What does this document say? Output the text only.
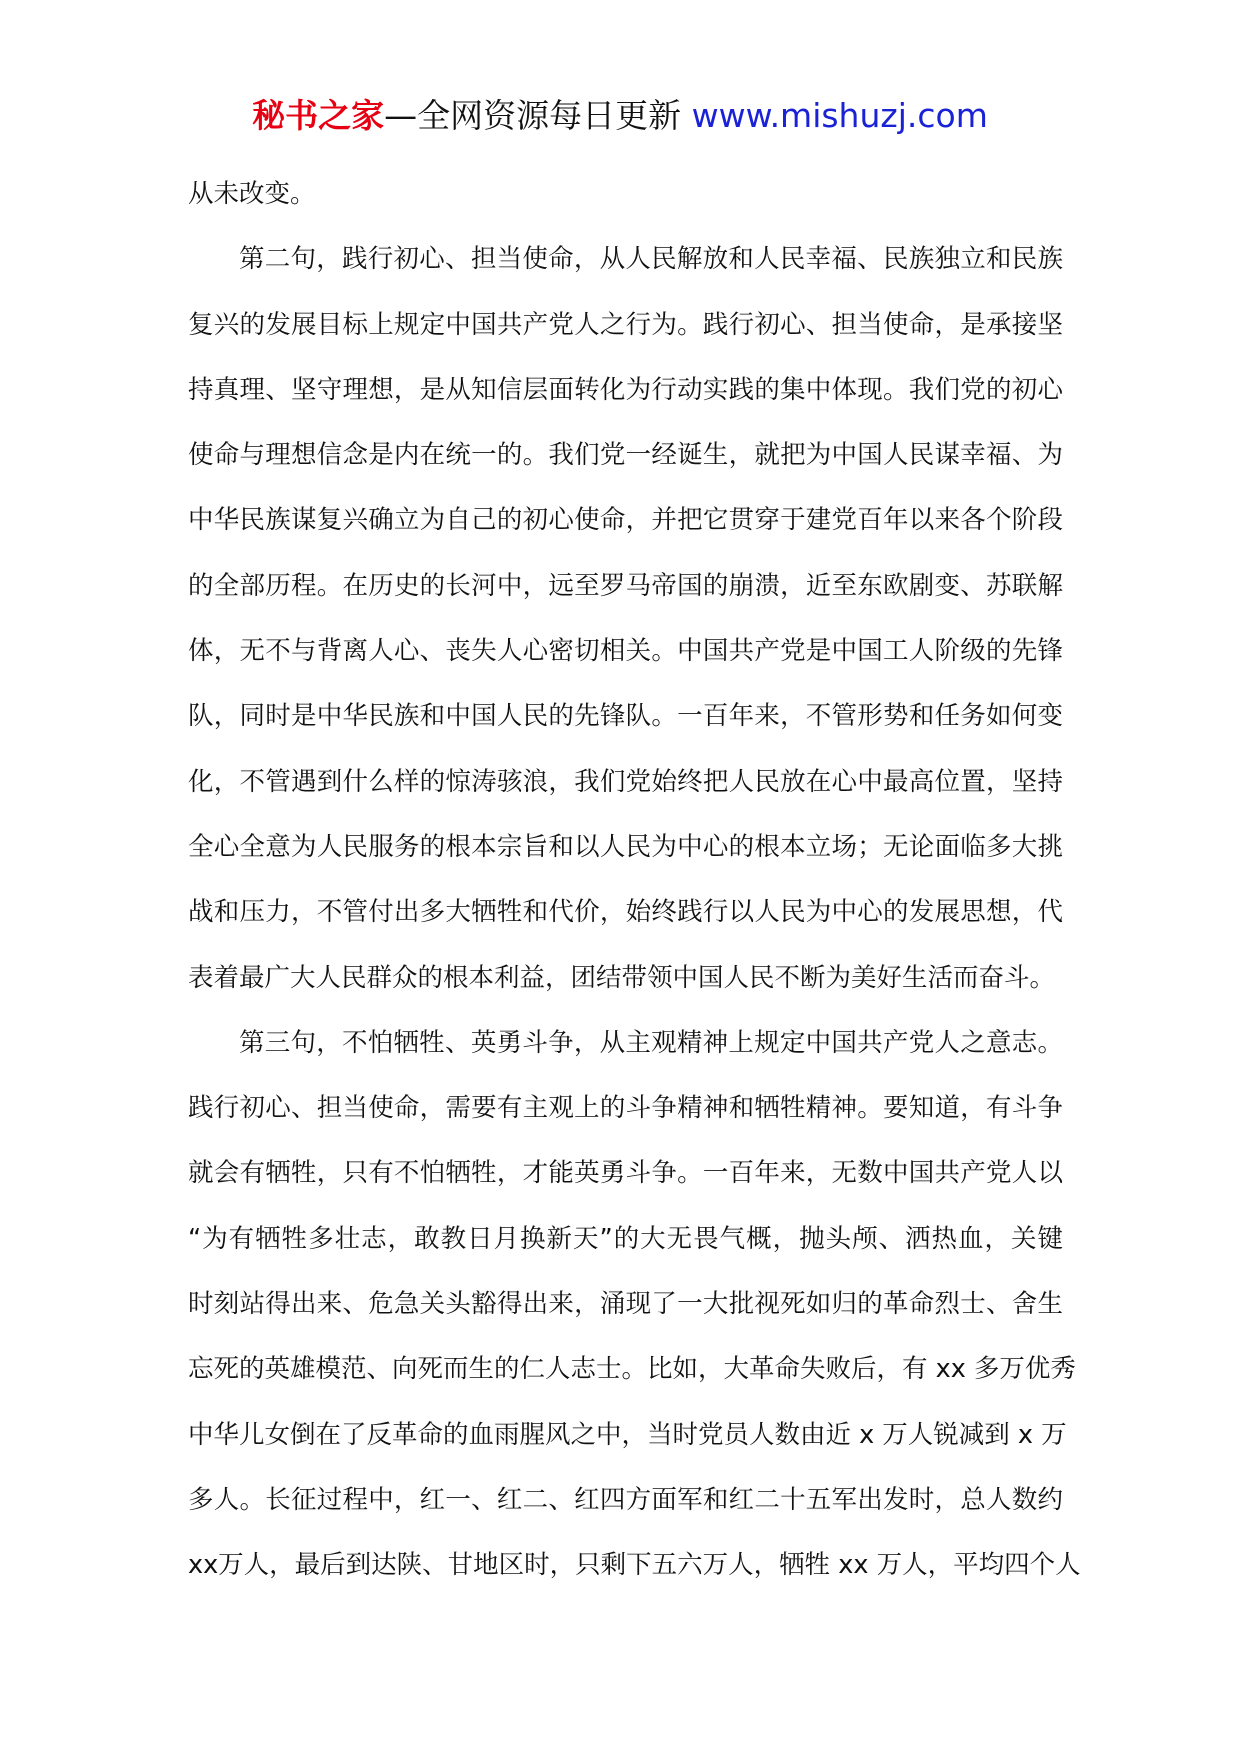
秘书之家—全网资源每日更新 www.mishuzj.com
从未改变。
第二句，践行初心、担当使命，从人民解放和人民幸福、民族独立和民族
复兴的发展目标上规定中国共产党人之行为。践行初心、担当使命，是承接坚
持真理、坚守理想，是从知信层面转化为行动实践的集中体现。我们党的初心
使命与理想信念是内在统一的。我们党一经诞生，就把为中国人民谋幸福、为
中华民族谋复兴确立为自己的初心使命，并把它贯穿于建党百年以来各个阶段
的全部历程。在历史的长河中，远至罗马帝国的崩溃，近至东欧剧变、苏联解
体，无不与背离人心、丧失人心密切相关。中国共产党是中国工人阶级的先锋
队，同时是中华民族和中国人民的先锋队。一百年来，不管形势和任务如何变
化，不管遇到什么样的惊涛骇浪，我们党始终把人民放在心中最高位置，坚持
全心全意为人民服务的根本宗旨和以人民为中心的根本立场；无论面临多大挑
战和压力，不管付出多大牺牲和代价，始终践行以人民为中心的发展思想，代
表着最广大人民群众的根本利益，团结带领中国人民不断为美好生活而奋斗。
第三句，不怕牺牲、英勇斗争，从主观精神上规定中国共产党人之意志。
践行初心、担当使命，需要有主观上的斗争精神和牺牲精神。要知道，有斗争
就会有牺牲，只有不怕牺牲，才能英勇斗争。一百年来，无数中国共产党人以
“为有牺牲多壮志，敢教日月换新天”的大无畏气概，抛头颅、洒热血，关键
时刻站得出来、危急关头豁得出来，涌现了一大批视死如归的革命烈士、舍生
忘死的英雄模范、向死而生的仁人志士。比如，大革命失败后，有 xx 多万优秀
中华儿女倒在了反革命的血雨腥风之中，当时党员人数由近 x 万人锐减到 x 万
多人。长征过程中，红一、红二、红四方面军和红二十五军出发时，总人数约
xx万人，最后到达陕、甘地区时，只剩下五六万人，牺牲 xx 万人，平均四个人
